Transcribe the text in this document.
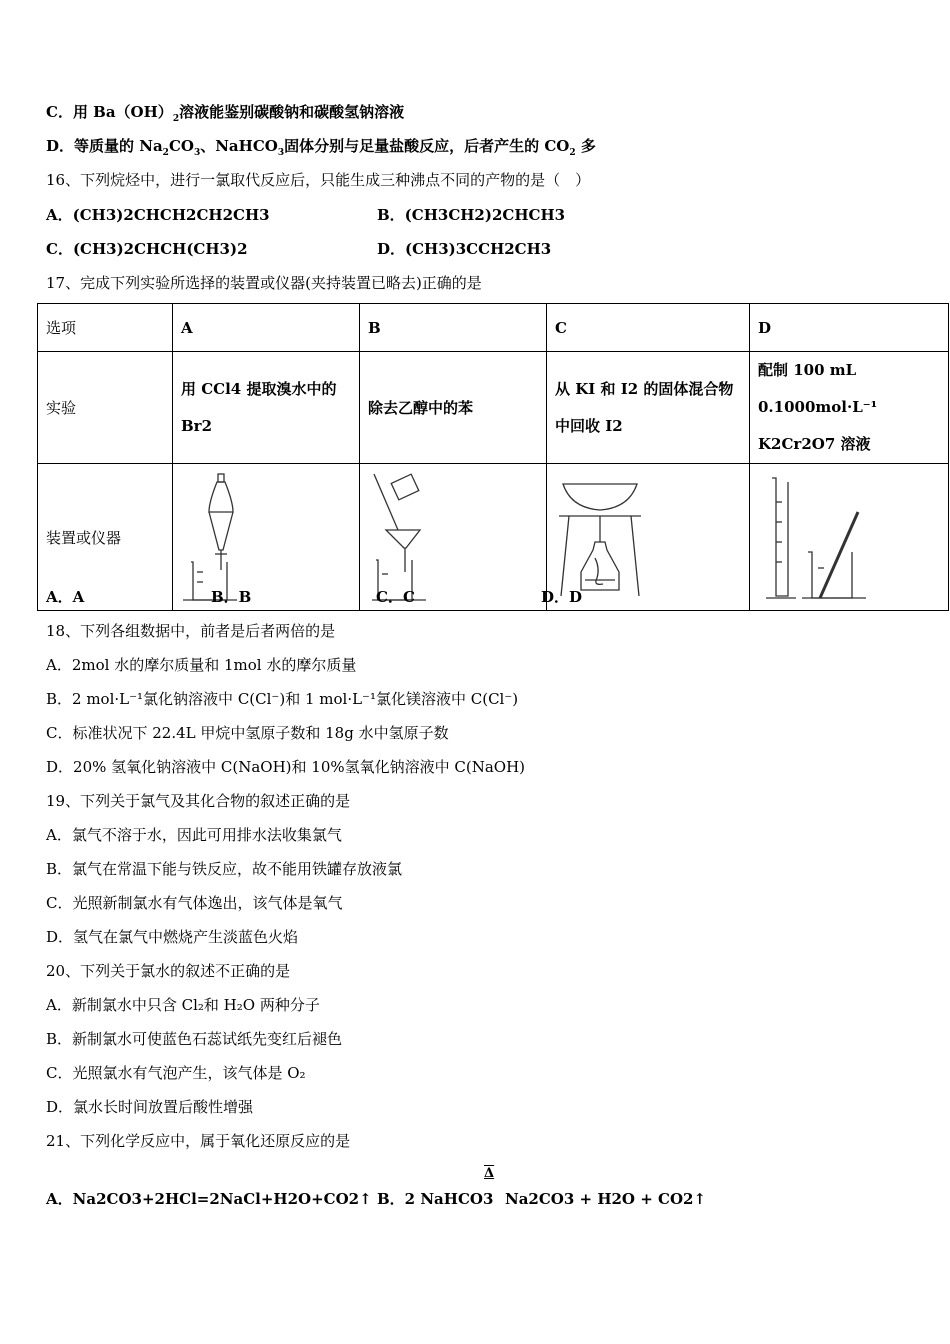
C．用 $Ba(OH)_2$溶液能鉴别碳酸钠和碳酸氢钠溶液
D．等质量的 $Na_2CO_3$、NaHCO$_3$固体分别与足量盐酸反应，后者产生的 $CO_2$ 多
16、下列烷烃中，进行一氯取代反应后，只能生成三种沸点不同的产物的是（　）
A．(CH3)2CHCH2CH2CH3	B．(CH3CH2)2CHCH3
C．(CH3)2CHCH(CH3)2	D．(CH3)3CCH2CH3
17、完成下列实验所选择的装置或仪器(夹持装置已略去)正确的是
选项	A	B	C	D
实验	用 CCl4 提取溴水中的 Br2	除去乙醇中的苯	从 KI 和 I2 的固体混合物中回收 I2	配制 100 mL 0.1000mol·L⁻¹ K2Cr2O7 溶液
装置或仪器	

A．A	B．B	C．C	D．D
18、下列各组数据中，前者是后者两倍的是
A．2mol 水的摩尔质量和 1mol 水的摩尔质量
B．2 mol·L⁻¹氯化钠溶液中 C(Cl⁻)和 1 mol·L⁻¹氯化镁溶液中 C(Cl⁻)
C．标准状况下 22.4L 甲烷中氢原子数和 18g 水中氢原子数
D．20% 氢氧化钠溶液中 C(NaOH)和 10%氢氧化钠溶液中 C(NaOH)
19、下列关于氯气及其化合物的叙述正确的是
A．氯气不溶于水，因此可用排水法收集氯气
B．氯气在常温下能与铁反应，故不能用铁罐存放液氯
C．光照新制氯水有气体逸出，该气体是氧气
D．氢气在氯气中燃烧产生淡蓝色火焰
20、下列关于氯水的叙述不正确的是
A．新制氯水中只含 Cl₂和 H₂O 两种分子
B．新制氯水可使蓝色石蕊试纸先变红后褪色
C．光照氯水有气泡产生，该气体是 O₂
D．氯水长时间放置后酸性增强
21、下列化学反应中，属于氧化还原反应的是
Δ
A．Na2CO3+2HCl=2NaCl+H2O+CO2↑ B．2 NaHCO3 Na2CO3 + H2O + CO2↑
